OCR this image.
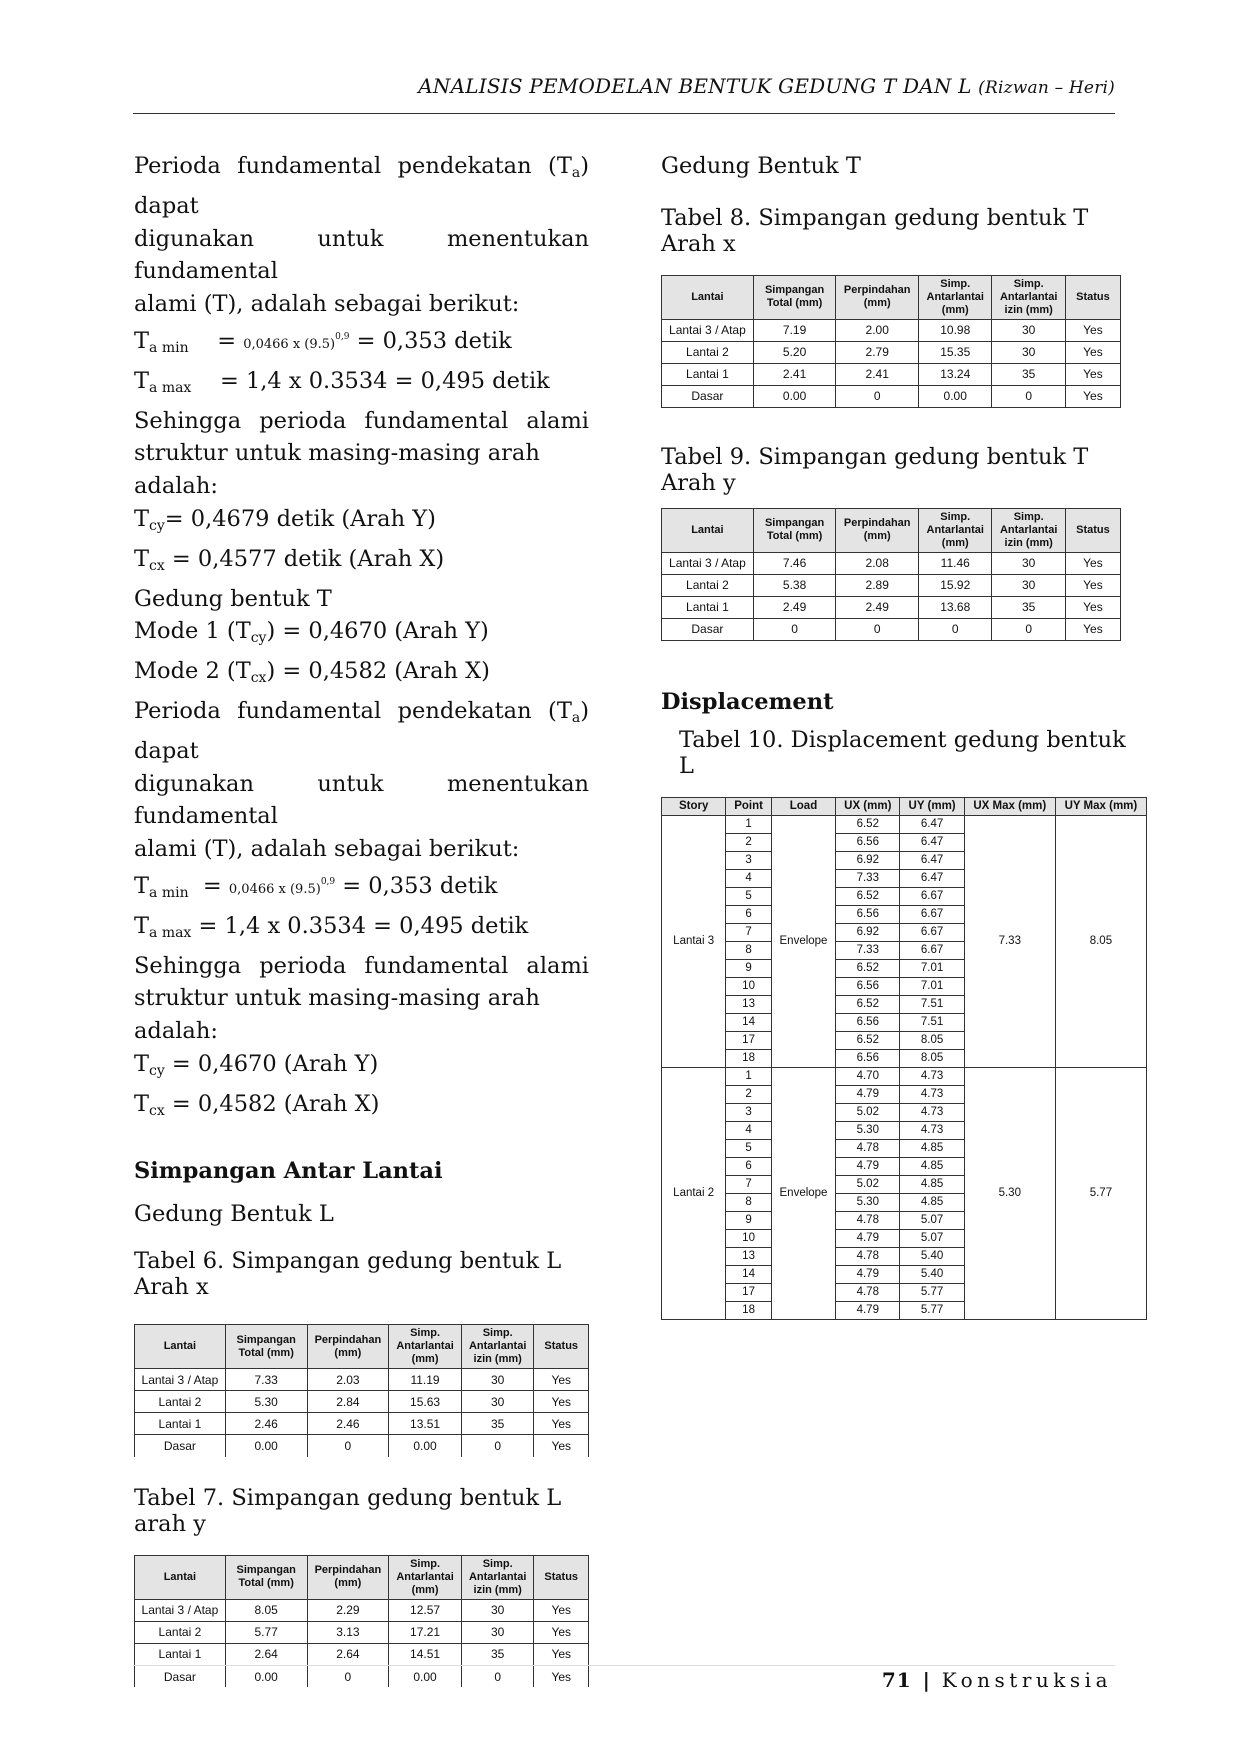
ANALISIS PEMODELAN BENTUK GEDUNG T DAN L (Rizwan – Heri)

Perioda fundamental pendekatan $(T_a)$ dapat

digunakan untuk menentukan fundamental

alami (T), adalah sebagai berikut:

$T_{a min}$    = 0,0466 x $(9.5)^{0,9} = 0,353$ detik

$T_{a max} = 1,4$ x 0.3534 = 0,495 detik

Sehingga perioda fundamental alami

struktur untuk masing-masing arah adalah:

$T_{cy}= 0,4679$ detik (Arah Y)

$T_{cx} = 0,4577$ detik (Arah X)

Gedung bentuk T

Mode 1 $(T_{cy}) = 0,4670$ (Arah Y)

Mode 2 $(T_{cx}) = 0,4582$ (Arah X)

Perioda fundamental pendekatan $(T_a)$ dapat

digunakan untuk menentukan fundamental

alami (T), adalah sebagai berikut:

$T_{a min} = 0,0466$ x $(9.5)^{0,9} = 0,353$ detik

$T_{a max} = 1,4$ x 0.3534 = 0,495 detik

Sehingga perioda fundamental alami

struktur untuk masing-masing arah adalah:

$T_{cy} = 0,4670$ (Arah Y)

$T_{cx} = 0,4582$ (Arah X)

Simpangan Antar Lantai

Gedung Bentuk L

Tabel 6. Simpangan gedung bentuk L Arah x

Lantai	Simpangan Total (mm)	Perpindahan (mm)	Simp. Antarlantai (mm)	Simp. Antarlantai izin (mm)	Status
Lantai 3 / Atap	7.33	2.03	11.19	30	Yes
Lantai 2	5.30	2.84	15.63	30	Yes
Lantai 1	2.46	2.46	13.51	35	Yes
Dasar	0.00	0	0.00	0	Yes

Tabel 7. Simpangan gedung bentuk L arah y

Lantai	Simpangan Total (mm)	Perpindahan (mm)	Simp. Antarlantai (mm)	Simp. Antarlantai izin (mm)	Status
Lantai 3 / Atap	8.05	2.29	12.57	30	Yes
Lantai 2	5.77	3.13	17.21	30	Yes
Lantai 1	2.64	2.64	14.51	35	Yes
Dasar	0.00	0	0.00	0	Yes

Gedung Bentuk T

Tabel 8. Simpangan gedung bentuk T Arah x

Lantai	Simpangan Total (mm)	Perpindahan (mm)	Simp. Antarlantai (mm)	Simp. Antarlantai izin (mm)	Status
Lantai 3 / Atap	7.19	2.00	10.98	30	Yes
Lantai 2	5.20	2.79	15.35	30	Yes
Lantai 1	2.41	2.41	13.24	35	Yes
Dasar	0.00	0	0.00	0	Yes

Tabel 9. Simpangan gedung bentuk T Arah y

Lantai	Simpangan Total (mm)	Perpindahan (mm)	Simp. Antarlantai (mm)	Simp. Antarlantai izin (mm)	Status
Lantai 3 / Atap	7.46	2.08	11.46	30	Yes
Lantai 2	5.38	2.89	15.92	30	Yes
Lantai 1	2.49	2.49	13.68	35	Yes
Dasar	0	0	0	0	Yes

Displacement

Tabel 10. Displacement gedung bentuk L

Story	Point	Load	UX (mm)	UY (mm)	UX Max (mm)	UY Max (mm)
Lantai 3	1	Envelope	6.52	6.47	7.33	8.05
	2		6.56	6.47		
	3		6.92	6.47		
	4		7.33	6.47		
	5		6.52	6.67		
	6		6.56	6.67		
	7		6.92	6.67		
	8		7.33	6.67		
	9		6.52	7.01		
	10		6.56	7.01		
	13		6.52	7.51		
	14		6.56	7.51		
	17		6.52	8.05		
	18		6.56	8.05		
Lantai 2	1	Envelope	4.70	4.73	5.30	5.77
	2		4.79	4.73		
	3		5.02	4.73		
	4		5.30	4.73		
	5		4.78	4.85		
	6		4.79	4.85		
	7		5.02	4.85		
	8		5.30	4.85		
	9		4.78	5.07		
	10		4.79	5.07		
	13		4.78	5.40		
	14		4.79	5.40		
	17		4.78	5.77		
	18		4.79	5.77		
71 | Konstruksia
